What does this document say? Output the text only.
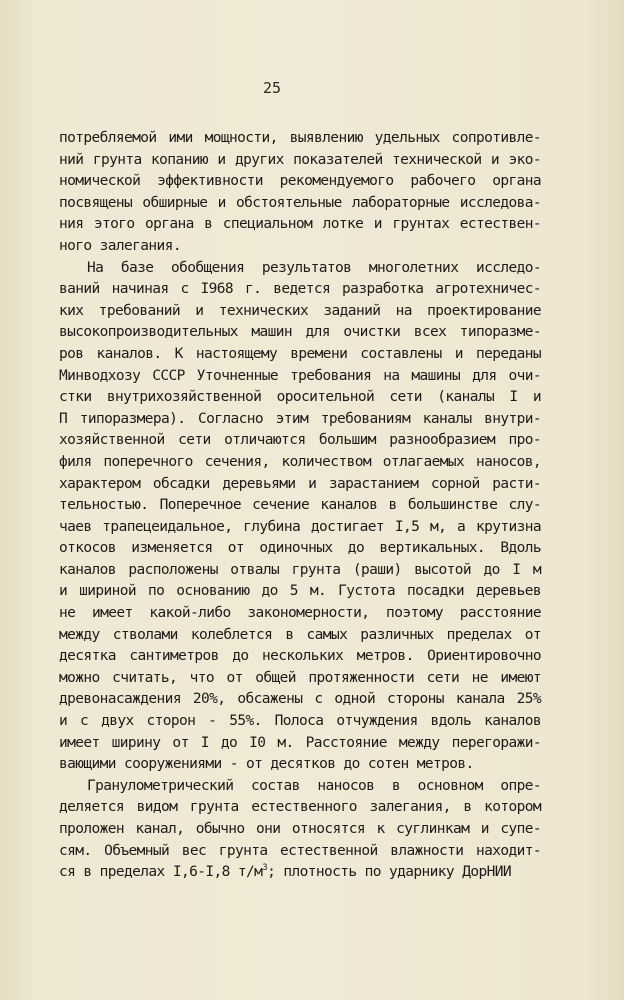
25
потребляемой ими мощности, выявлению удельных сопротивле-
ний грунта копанию и других показателей технической и эко-
номической эффективности рекомендуемого рабочего органа
посвящены обширные и обстоятельные лабораторные исследова-
ния этого органа в специальном лотке и грунтах естествен-
ного залегания.
На базе обобщения результатов многолетних исследо-
ваний начиная с I968 г. ведется разработка агротехничес-
ких требований и технических заданий на проектирование
высокопроизводительных машин для очистки всех типоразме-
ров каналов. К настоящему времени составлены и переданы
Минводхозу СССР Уточненные требования на машины для очи-
стки внутрихозяйственной оросительной сети (каналы I и
П типоразмера). Согласно этим требованиям каналы внутри-
хозяйственной сети отличаются большим разнообразием про-
филя поперечного сечения, количеством отлагаемых наносов,
характером обсадки деревьями и зарастанием сорной расти-
тельностью. Поперечное сечение каналов в большинстве слу-
чаев трапецеидальное, глубина достигает I,5 м, а крутизна
откосов изменяется от одиночных до вертикальных. Вдоль
каналов расположены отвалы грунта (раши) высотой до I м
и шириной по основанию до 5 м. Густота посадки деревьев
не имеет какой-либо закономерности, поэтому расстояние
между стволами колеблется в самых различных пределах от
десятка сантиметров до нескольких метров. Ориентировочно
можно считать, что от общей протяженности сети не имеют
древонасаждения 20%, обсажены с одной стороны канала 25%
и с двух сторон - 55%. Полоса отчуждения вдоль каналов
имеет ширину от I до I0 м. Расстояние между перегоражи-
вающими сооружениями - от десятков до сотен метров.
Гранулометрический состав наносов в основном опре-
деляется видом грунта естественного залегания, в котором
проложен канал, обычно они относятся к суглинкам и супе-
сям. Объемный вес грунта естественной влажности находит-
ся в пределах I,6-I,8 $т/м^3$; плотность по ударнику ДорНИИ
